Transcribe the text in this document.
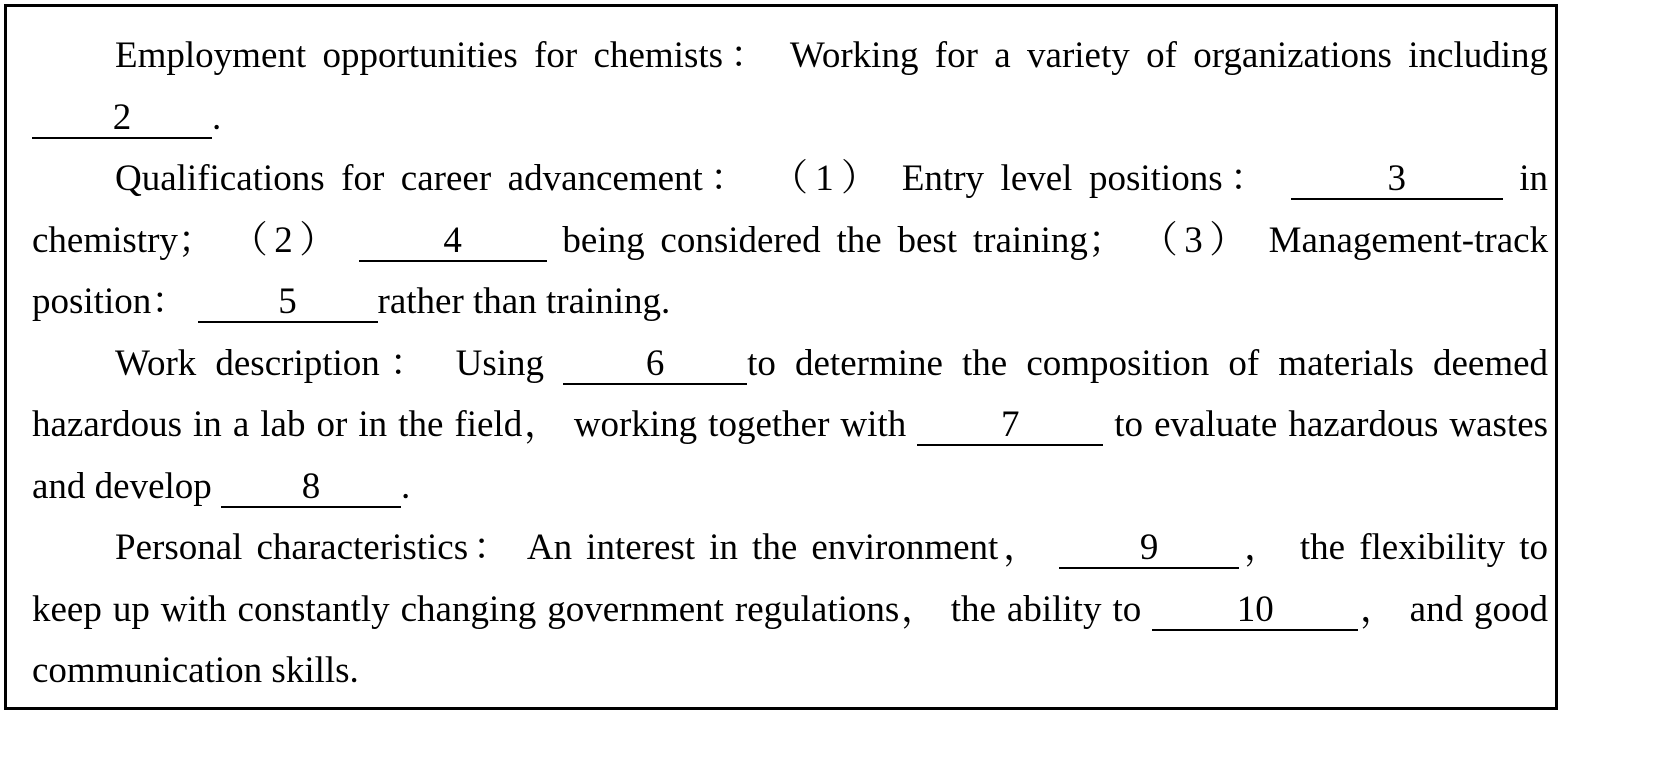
Employment opportunities for chemists： Working for a variety of organizations including 2 .

Qualifications for career advancement： （1） Entry level positions：	3	in chemistry； （2）	4	being considered the best training； （3） Management-track position： 5 rather than training.

Work description： Using	6 to determine the composition of materials deemed hazardous in a lab or in the field， working together with	7	to evaluate hazardous wastes and develop 8 .

Personal characteristics： An interest in the environment，	9 ， the flexibility to keep up with constantly changing government regulations， the ability to	10 ， and good communication skills.
